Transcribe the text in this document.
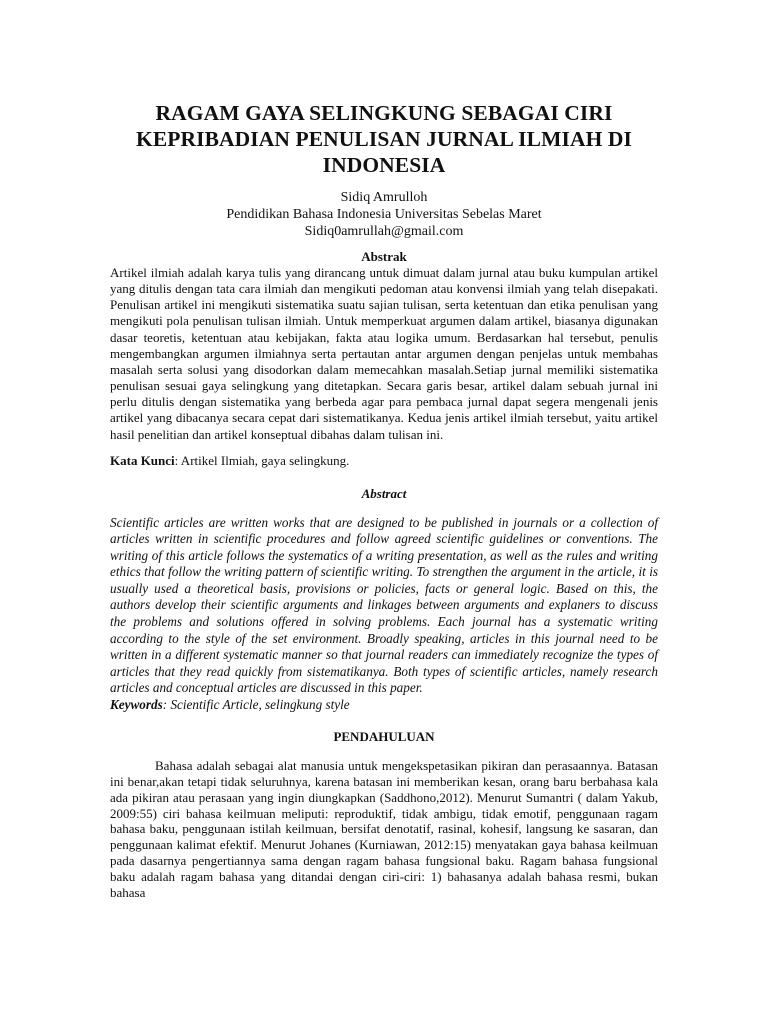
RAGAM GAYA SELINGKUNG SEBAGAI CIRI KEPRIBADIAN PENULISAN JURNAL ILMIAH DI INDONESIA

Sidiq Amrulloh

Pendidikan Bahasa Indonesia Universitas Sebelas Maret

Sidiq0amrullah@gmail.com

Abstrak

Artikel ilmiah adalah karya tulis yang dirancang untuk dimuat dalam jurnal atau buku kumpulan artikel yang ditulis dengan tata cara ilmiah dan mengikuti pedoman atau konvensi ilmiah yang telah disepakati. Penulisan artikel ini mengikuti sistematika suatu sajian tulisan, serta ketentuan dan etika penulisan yang mengikuti pola penulisan tulisan ilmiah. Untuk memperkuat argumen dalam artikel, biasanya digunakan dasar teoretis, ketentuan atau kebijakan, fakta atau logika umum. Berdasarkan hal tersebut, penulis mengembangkan argumen ilmiahnya serta pertautan antar argumen dengan penjelas untuk membahas masalah serta solusi yang disodorkan dalam memecahkan masalah.Setiap jurnal memiliki sistematika penulisan sesuai gaya selingkung yang ditetapkan. Secara garis besar, artikel dalam sebuah jurnal ini perlu ditulis dengan sistematika yang berbeda agar para pembaca jurnal dapat segera mengenali jenis artikel yang dibacanya secara cepat dari sistematikanya. Kedua jenis artikel ilmiah tersebut, yaitu artikel hasil penelitian dan artikel konseptual dibahas dalam tulisan ini.

Kata Kunci: Artikel Ilmiah, gaya selingkung.

Abstract

Scientific articles are written works that are designed to be published in journals or a collection of articles written in scientific procedures and follow agreed scientific guidelines or conventions. The writing of this article follows the systematics of a writing presentation, as well as the rules and writing ethics that follow the writing pattern of scientific writing. To strengthen the argument in the article, it is usually used a theoretical basis, provisions or policies, facts or general logic. Based on this, the authors develop their scientific arguments and linkages between arguments and explaners to discuss the problems and solutions offered in solving problems. Each journal has a systematic writing according to the style of the set environment. Broadly speaking, articles in this journal need to be written in a different systematic manner so that journal readers can immediately recognize the types of articles that they read quickly from sistematikanya. Both types of scientific articles, namely research articles and conceptual articles are discussed in this paper.

Keywords: Scientific Article, selingkung style

PENDAHULUAN

Bahasa adalah sebagai alat manusia untuk mengekspetasikan pikiran dan perasaannya. Batasan ini benar,akan tetapi tidak seluruhnya, karena batasan ini memberikan kesan, orang baru berbahasa kala ada pikiran atau perasaan yang ingin diungkapkan (Saddhono,2012). Menurut Sumantri ( dalam Yakub, 2009:55) ciri bahasa keilmuan meliputi: reproduktif, tidak ambigu, tidak emotif, penggunaan ragam bahasa baku, penggunaan istilah keilmuan, bersifat denotatif, rasinal, kohesif, langsung ke sasaran, dan penggunaan kalimat efektif. Menurut Johanes (Kurniawan, 2012:15) menyatakan gaya bahasa keilmuan pada dasarnya pengertiannya sama dengan ragam bahasa fungsional baku. Ragam bahasa fungsional baku adalah ragam bahasa yang ditandai dengan ciri-ciri: 1) bahasanya adalah bahasa resmi, bukan bahasa
